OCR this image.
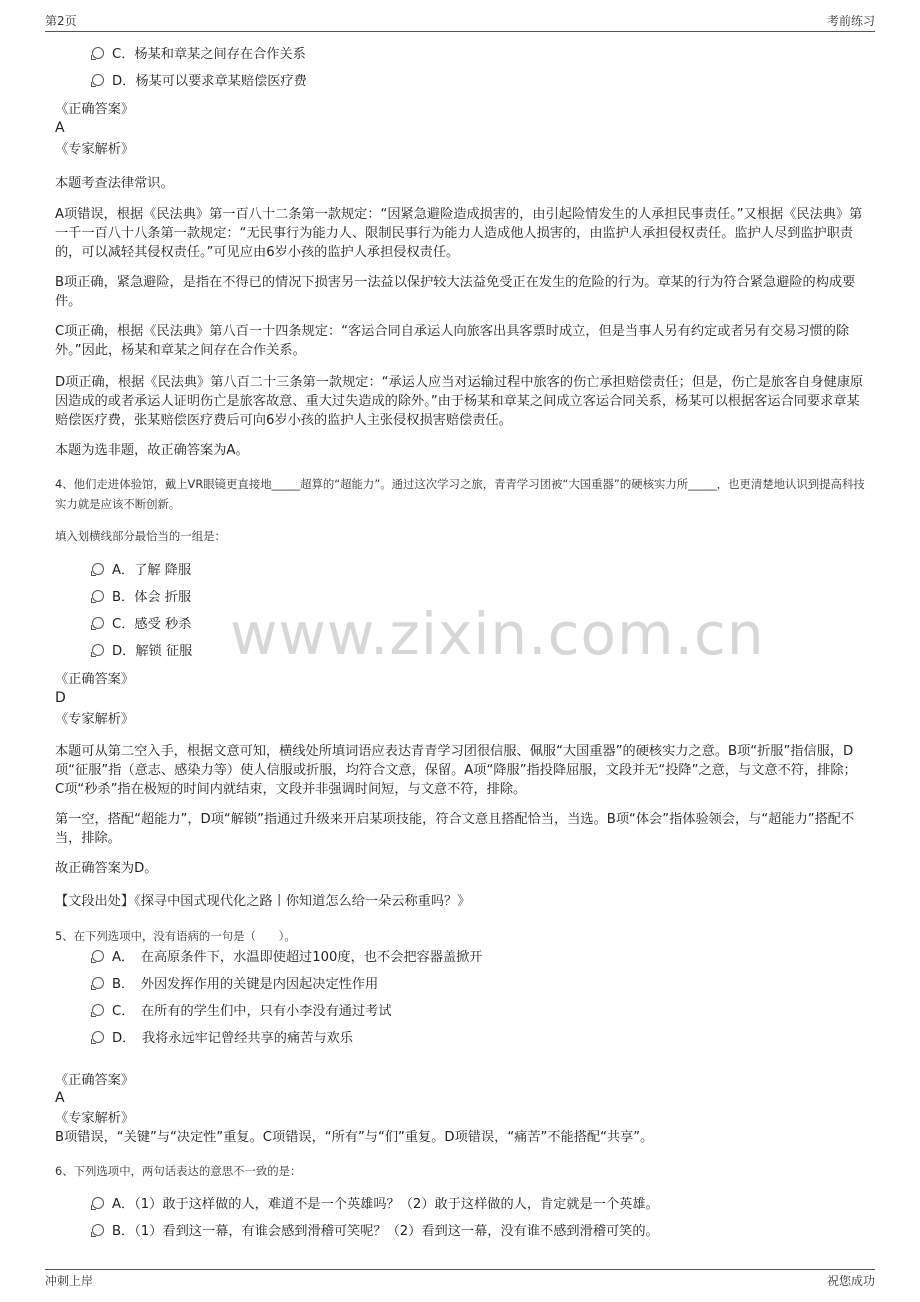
第2页	考前练习
www.zixin.com.cn
C．杨某和章某之间存在合作关系
D．杨某可以要求章某赔偿医疗费
《正确答案》
A
《专家解析》
本题考查法律常识。
A项错误，根据《民法典》第一百八十二条第一款规定：“因紧急避险造成损害的，由引起险情发生的人承担民事责任。”又根据《民法典》第一千一百八十八条第一款规定：“无民事行为能力人、限制民事行为能力人造成他人损害的，由监护人承担侵权责任。监护人尽到监护职责的，可以减轻其侵权责任。”可见应由6岁小孩的监护人承担侵权责任。
B项正确，紧急避险，是指在不得已的情况下损害另一法益以保护较大法益免受正在发生的危险的行为。章某的行为符合紧急避险的构成要件。
C项正确，根据《民法典》第八百一十四条规定：“客运合同自承运人向旅客出具客票时成立，但是当事人另有约定或者另有交易习惯的除外。”因此，杨某和章某之间存在合作关系。
D项正确，根据《民法典》第八百二十三条第一款规定：“承运人应当对运输过程中旅客的伤亡承担赔偿责任；但是，伤亡是旅客自身健康原因造成的或者承运人证明伤亡是旅客故意、重大过失造成的除外。”由于杨某和章某之间成立客运合同关系，杨某可以根据客运合同要求章某赔偿医疗费，张某赔偿医疗费后可向6岁小孩的监护人主张侵权损害赔偿责任。
本题为选非题，故正确答案为A。
4、他们走进体验馆，戴上VR眼镜更直接地_____超算的“超能力”。通过这次学习之旅，青青学习团被“大国重器”的硬核实力所_____，也更清楚地认识到提高科技实力就是应该不断创新。
填入划横线部分最恰当的一组是：
A．了解 降服
B．体会 折服
C．感受 秒杀
D．解锁 征服
《正确答案》
D
《专家解析》
本题可从第二空入手，根据文意可知，横线处所填词语应表达青青学习团很信服、佩服“大国重器”的硬核实力之意。B项“折服”指信服，D项“征服”指（意志、感染力等）使人信服或折服，均符合文意，保留。A项“降服”指投降屈服，文段并无“投降”之意，与文意不符，排除；C项“秒杀”指在极短的时间内就结束，文段并非强调时间短，与文意不符，排除。
第一空，搭配“超能力”，D项“解锁”指通过升级来开启某项技能，符合文意且搭配恰当，当选。B项“体会”指体验领会，与“超能力”搭配不当，排除。
故正确答案为D。
【文段出处】《探寻中国式现代化之路丨你知道怎么给一朵云称重吗？》
5、在下列选项中，没有语病的一句是（　　）。
A．　在高原条件下，水温即使超过100度，也不会把容器盖掀开
B．　外因发挥作用的关键是内因起决定性作用
C．　在所有的学生们中，只有小李没有通过考试
D．　我将永远牢记曾经共享的痛苦与欢乐
《正确答案》
A
《专家解析》
B项错误，“关键”与“决定性”重复。C项错误，“所有”与“们”重复。D项错误，“痛苦”不能搭配“共享”。
6、下列选项中，两句话表达的意思不一致的是：
A．（1）敢于这样做的人，难道不是一个英雄吗？（2）敢于这样做的人，肯定就是一个英雄。
B．（1）看到这一幕，有谁会感到滑稽可笑呢？（2）看到这一幕，没有谁不感到滑稽可笑的。
冲刺上岸	祝您成功
